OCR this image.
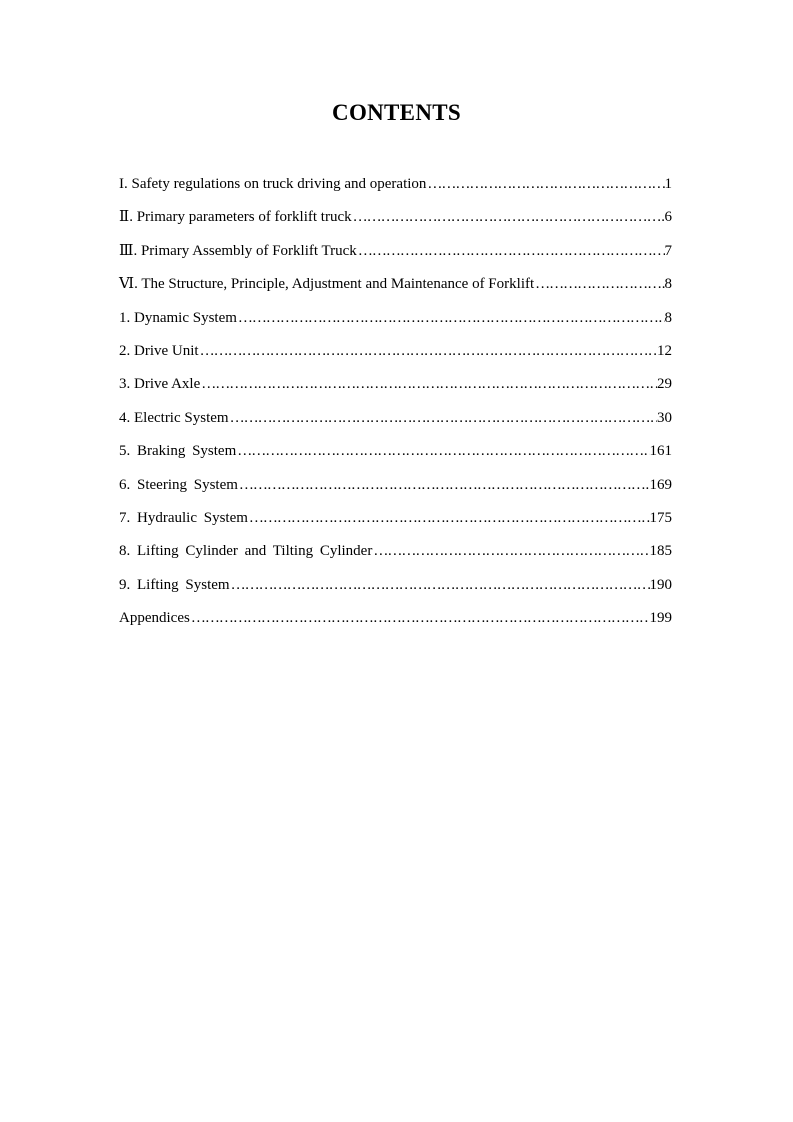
CONTENTS
I. Safety regulations on truck driving and operation ………………………………………………………………………………………………………………………………………………………	1
Ⅱ. Primary parameters of forklift truck ………………………………………………………………………………………………………………………………………………………	6
Ⅲ. Primary Assembly of Forklift Truck ………………………………………………………………………………………………………………………………………………………	7
Ⅵ. The Structure, Principle, Adjustment and Maintenance of Forklift ………………………………………………………………………………………………………………………………………………………	8
1. Dynamic System ………………………………………………………………………………………………………………………………………………………	8
2. Drive Unit ………………………………………………………………………………………………………………………………………………………	12
3. Drive Axle ………………………………………………………………………………………………………………………………………………………	29
4. Electric System ………………………………………………………………………………………………………………………………………………………	30
5. Braking System ………………………………………………………………………………………………………………………………………………………	161
6. Steering System ………………………………………………………………………………………………………………………………………………………	169
7. Hydraulic System ………………………………………………………………………………………………………………………………………………………	175
8. Lifting Cylinder and Tilting Cylinder ………………………………………………………………………………………………………………………………………………………	185
9. Lifting System ………………………………………………………………………………………………………………………………………………………	190
Appendices ………………………………………………………………………………………………………………………………………………………	199
